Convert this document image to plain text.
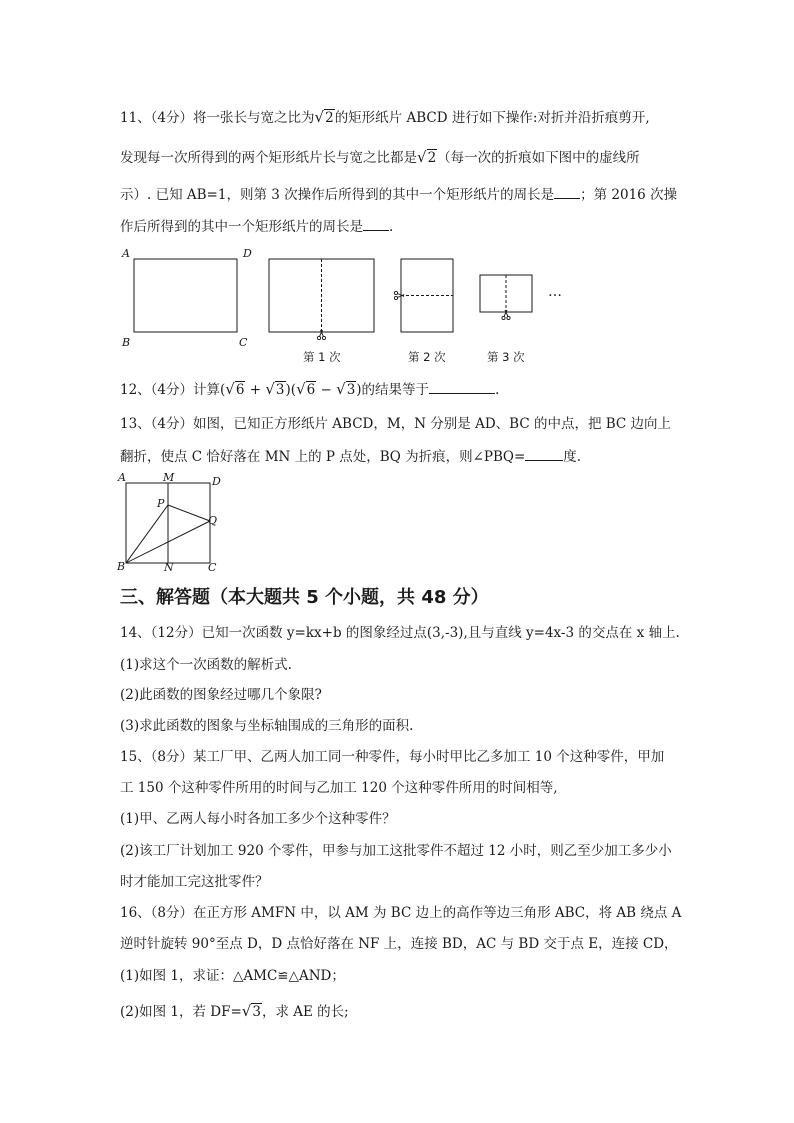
11、（4分）将一张长与宽之比为√2的矩形纸片 ABCD 进行如下操作:对折并沿折痕剪开,
发现每一次所得到的两个矩形纸片长与宽之比都是√2（每一次的折痕如下图中的虚线所
示）. 已知 AB=1，则第 3 次操作后所得到的其中一个矩形纸片的周长是 ；第 2016 次操
作后所得到的其中一个矩形纸片的周长是 .
A	D
B	C
…
第 1 次	第 2 次	第 3 次
12、（4分）计算(√6 + √3)(√6 − √3)的结果等于	.
13、（4分）如图，已知正方形纸片 ABCD，M，N 分别是 AD、BC 的中点，把 BC 边向上
翻折，使点 C 恰好落在 MN 上的 P 点处，BQ 为折痕，则∠PBQ=	度.
A	M	D
P
Q
B	N	C
三、解答题（本大题共 5 个小题，共 48 分）
14、（12分）已知一次函数 y=kx+b 的图象经过点(3,-3),且与直线 y=4x-3 的交点在 x 轴上.
(1)求这个一次函数的解析式.
(2)此函数的图象经过哪几个象限?
(3)求此函数的图象与坐标轴围成的三角形的面积.
15、（8分）某工厂甲、乙两人加工同一种零件，每小时甲比乙多加工 10 个这种零件，甲加
工 150 个这种零件所用的时间与乙加工 120 个这种零件所用的时间相等,
(1)甲、乙两人每小时各加工多少个这种零件？
(2)该工厂计划加工 920 个零件，甲参与加工这批零件不超过 12 小时，则乙至少加工多少小
时才能加工完这批零件？
16、（8分）在正方形 AMFN 中，以 AM 为 BC 边上的高作等边三角形 ABC，将 AB 绕点 A
逆时针旋转 90°至点 D，D 点恰好落在 NF 上，连接 BD，AC 与 BD 交于点 E，连接 CD，
(1)如图 1，求证：△AMC≌△AND；
(2)如图 1，若 DF=√3，求 AE 的长;
